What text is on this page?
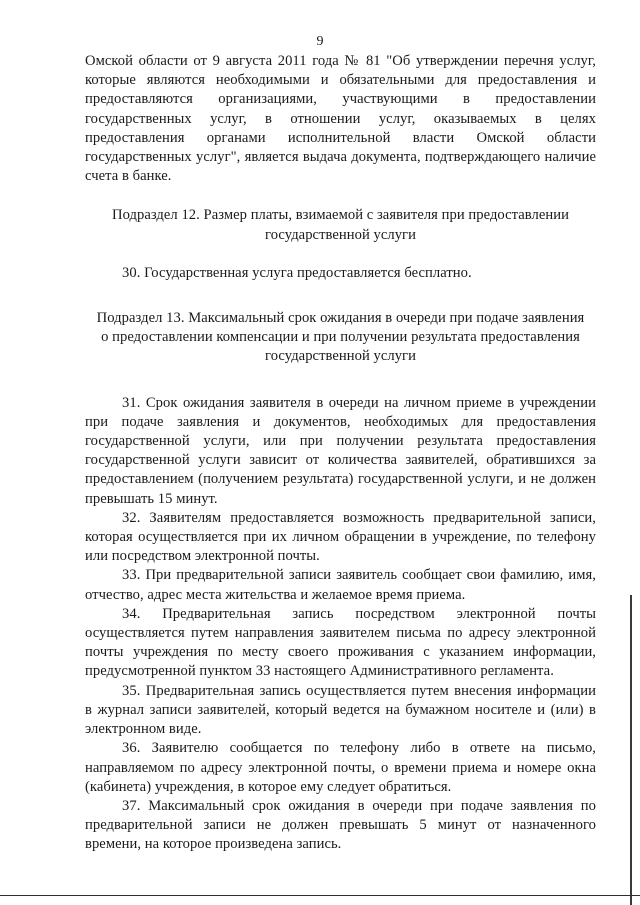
9

Омской области от 9 августа 2011 года № 81 "Об утверждении перечня услуг, которые являются необходимыми и обязательными для предоставления и предоставляются организациями, участвующими в предоставлении государственных услуг, в отношении услуг, оказываемых в целях предоставления органами исполнительной власти Омской области государственных услуг", является выдача документа, подтверждающего наличие счета в банке.

Подраздел 12. Размер платы, взимаемой с заявителя при предоставлении
государственной услуги

30. Государственная услуга предоставляется бесплатно.

Подраздел 13. Максимальный срок ожидания в очереди при подаче заявления
о предоставлении компенсации и при получении результата предоставления
государственной услуги

31. Срок ожидания заявителя в очереди на личном приеме в учреждении при подаче заявления и документов, необходимых для предоставления государственной услуги, или при получении результата предоставления государственной услуги зависит от количества заявителей, обратившихся за предоставлением (получением результата) государственной услуги, и не должен превышать 15 минут.

32. Заявителям предоставляется возможность предварительной записи, которая осуществляется при их личном обращении в учреждение, по телефону или посредством электронной почты.

33. При предварительной записи заявитель сообщает свои фамилию, имя, отчество, адрес места жительства и желаемое время приема.

34. Предварительная запись посредством электронной почты осуществляется путем направления заявителем письма по адресу электронной почты учреждения по месту своего проживания с указанием информации, предусмотренной пунктом 33 настоящего Административного регламента.

35. Предварительная запись осуществляется путем внесения информации в журнал записи заявителей, который ведется на бумажном носителе и (или) в электронном виде.

36. Заявителю сообщается по телефону либо в ответе на письмо, направляемом по адресу электронной почты, о времени приема и номере окна (кабинета) учреждения, в которое ему следует обратиться.

37. Максимальный срок ожидания в очереди при подаче заявления по предварительной записи не должен превышать 5 минут от назначенного времени, на которое произведена запись.
